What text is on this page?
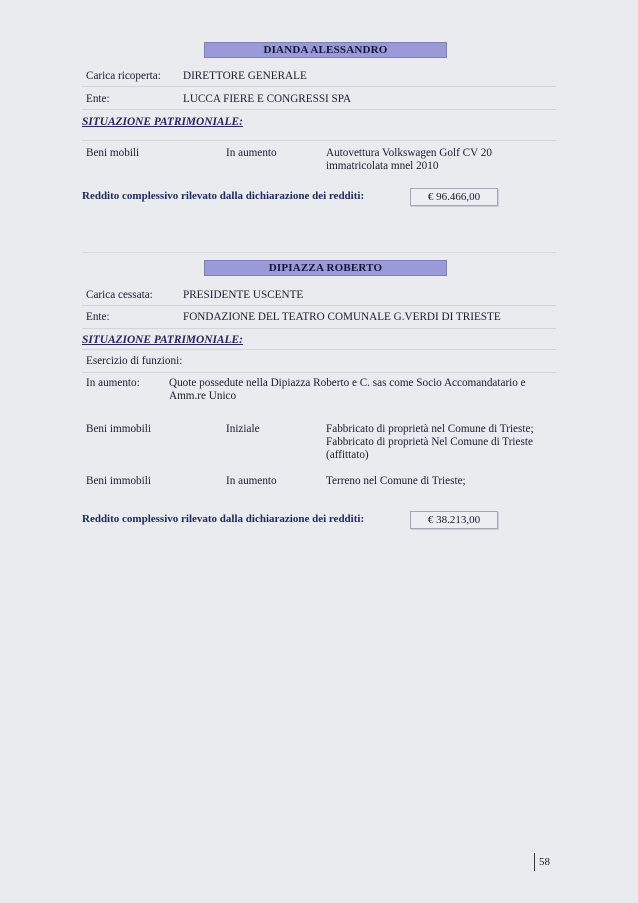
DIANDA ALESSANDRO
Carica ricoperta: DIRETTORE GENERALE
Ente:	LUCCA FIERE E CONGRESSI SPA
SITUAZIONE PATRIMONIALE:
Beni mobili	In aumento	Autovettura Volkswagen Golf CV 20
immatricolata mnel 2010
Reddito complessivo rilevato dalla dichiarazione dei redditi:	€ 96.466,00
DIPIAZZA ROBERTO
Carica cessata:	PRESIDENTE USCENTE
Ente:	FONDAZIONE DEL TEATRO COMUNALE G.VERDI DI TRIESTE
SITUAZIONE PATRIMONIALE:
Esercizio di funzioni:
In aumento:	Quote possedute nella Dipiazza Roberto e C. sas come Socio Accomandatario e
Amm.re Unico
Beni immobili	Iniziale	Fabbricato di proprietà nel Comune di Trieste;
Fabbricato di proprietà Nel Comune di Trieste
(affittato)
Beni immobili	In aumento	Terreno nel Comune di Trieste;
Reddito complessivo rilevato dalla dichiarazione dei redditi:	€ 38.213,00
58
